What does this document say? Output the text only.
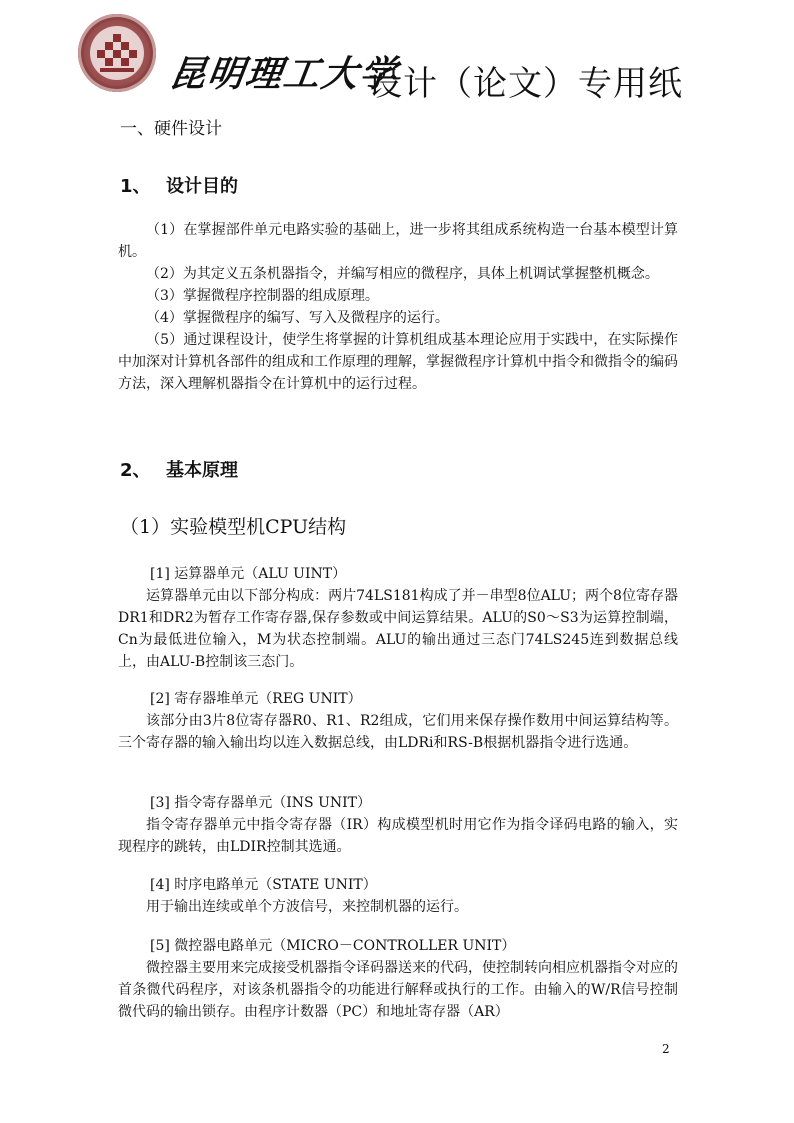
昆明理工大学
设计（论文）专用纸
一、硬件设计
1、 设计目的

（1）在掌握部件单元电路实验的基础上，进一步将其组成系统构造一台基本模型计算机。

（2）为其定义五条机器指令，并编写相应的微程序，具体上机调试掌握整机概念。

（3）掌握微程序控制器的组成原理。

（4）掌握微程序的编写、写入及微程序的运行。

（5）通过课程设计，使学生将掌握的计算机组成基本理论应用于实践中，在实际操作中加深对计算机各部件的组成和工作原理的理解，掌握微程序计算机中指令和微指令的编码方法，深入理解机器指令在计算机中的运行过程。

2、 基本原理
（1）实验模型机CPU结构
[1] 运算器单元（ALU UINT）

运算器单元由以下部分构成：两片74LS181构成了并－串型8位ALU；两个8位寄存器DR1和DR2为暂存工作寄存器,保存参数或中间运算结果。ALU的S0～S3为运算控制端，Cn为最低进位输入，M为状态控制端。ALU的输出通过三态门74LS245连到数据总线上，由ALU-B控制该三态门。

[2] 寄存器堆单元（REG UNIT）

该部分由3片8位寄存器R0、R1、R2组成，它们用来保存操作数用中间运算结构等。三个寄存器的输入输出均以连入数据总线，由LDRi和RS-B根据机器指令进行选通。

[3] 指令寄存器单元（INS UNIT）

指令寄存器单元中指令寄存器（IR）构成模型机时用它作为指令译码电路的输入，实现程序的跳转，由LDIR控制其选通。

[4] 时序电路单元（STATE UNIT）

用于输出连续或单个方波信号，来控制机器的运行。

[5] 微控器电路单元（MICRO－CONTROLLER UNIT）

微控器主要用来完成接受机器指令译码器送来的代码，使控制转向相应机器指令对应的首条微代码程序，对该条机器指令的功能进行解释或执行的工作。由输入的W/R信号控制微代码的输出锁存。由程序计数器（PC）和地址寄存器（AR）

2
